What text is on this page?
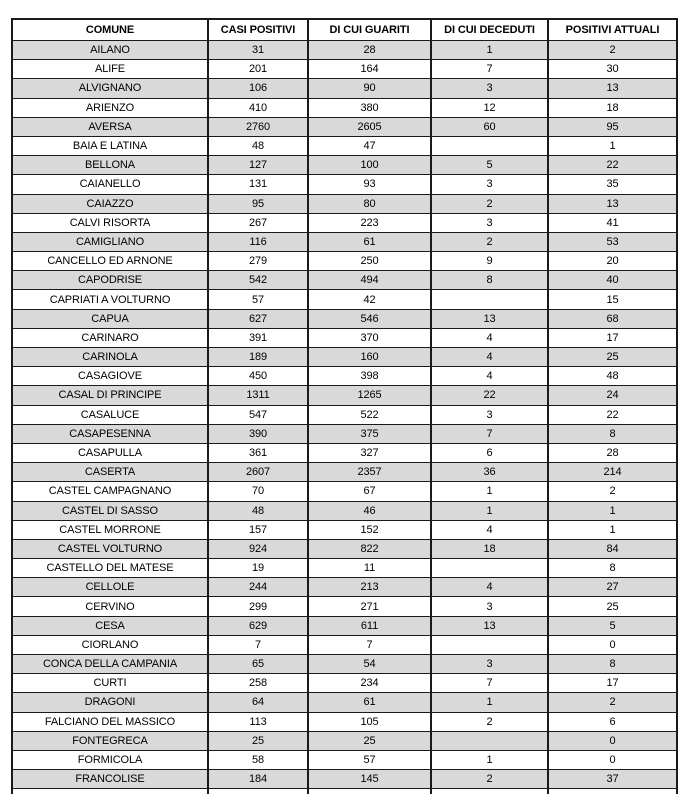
COMUNE	CASI POSITIVI	DI CUI GUARITI	DI CUI DECEDUTI	POSITIVI ATTUALI
AILANO	31	28	1	2
ALIFE	201	164	7	30
ALVIGNANO	106	90	3	13
ARIENZO	410	380	12	18
AVERSA	2760	2605	60	95
BAIA E LATINA	48	47		1
BELLONA	127	100	5	22
CAIANELLO	131	93	3	35
CAIAZZO	95	80	2	13
CALVI RISORTA	267	223	3	41
CAMIGLIANO	116	61	2	53
CANCELLO ED ARNONE	279	250	9	20
CAPODRISE	542	494	8	40
CAPRIATI A VOLTURNO	57	42		15
CAPUA	627	546	13	68
CARINARO	391	370	4	17
CARINOLA	189	160	4	25
CASAGIOVE	450	398	4	48
CASAL DI PRINCIPE	1311	1265	22	24
CASALUCE	547	522	3	22
CASAPESENNA	390	375	7	8
CASAPULLA	361	327	6	28
CASERTA	2607	2357	36	214
CASTEL CAMPAGNANO	70	67	1	2
CASTEL DI SASSO	48	46	1	1
CASTEL MORRONE	157	152	4	1
CASTEL VOLTURNO	924	822	18	84
CASTELLO DEL MATESE	19	11		8
CELLOLE	244	213	4	27
CERVINO	299	271	3	25
CESA	629	611	13	5
CIORLANO	7	7		0
CONCA DELLA CAMPANIA	65	54	3	8
CURTI	258	234	7	17
DRAGONI	64	61	1	2
FALCIANO DEL MASSICO	113	105	2	6
FONTEGRECA	25	25		0
FORMICOLA	58	57	1	0
FRANCOLISE	184	145	2	37
